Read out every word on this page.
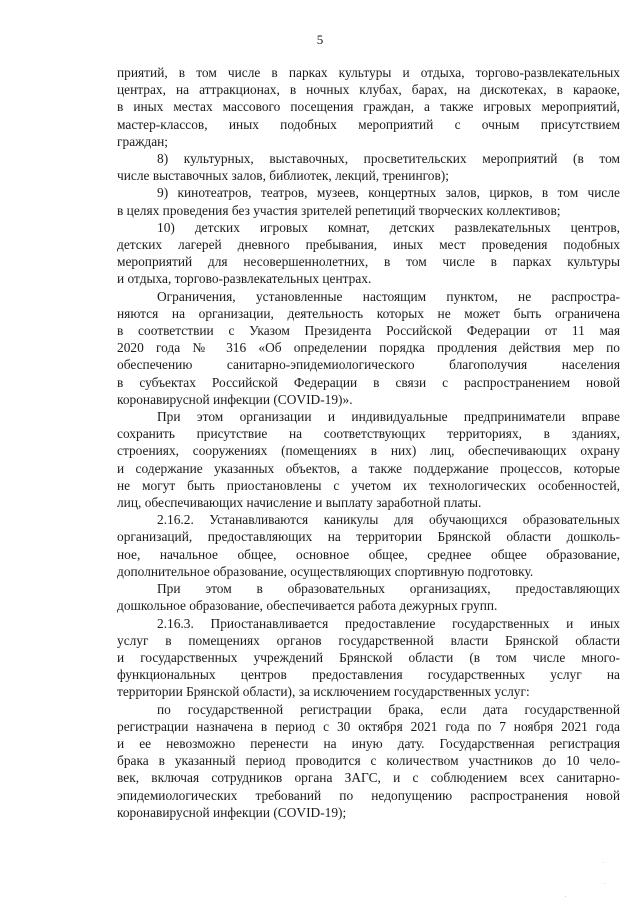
5
приятий, в том числе в парках культуры и отдыха, торгово-развлекательных
центрах, на аттракционах, в ночных клубах, барах, на дискотеках, в караоке,
в иных местах массового посещения граждан, а также игровых мероприятий,
мастер-классов, иных подобных мероприятий с очным присутствием
граждан;
8) культурных, выставочных, просветительских мероприятий (в том
числе выставочных залов, библиотек, лекций, тренингов);
9) кинотеатров, театров, музеев, концертных залов, цирков, в том числе
в целях проведения без участия зрителей репетиций творческих коллективов;
10) детских игровых комнат, детских развлекательных центров,
детских лагерей дневного пребывания, иных мест проведения подобных
мероприятий для несовершеннолетних, в том числе в парках культуры
и отдыха, торгово-развлекательных центрах.
Ограничения, установленные настоящим пунктом, не распростра-
няются на организации, деятельность которых не может быть ограничена
в соответствии с Указом Президента Российской Федерации от 11 мая
2020 года № 316 «Об определении порядка продления действия мер по
обеспечению санитарно-эпидемиологического благополучия населения
в субъектах Российской Федерации в связи с распространением новой
коронавирусной инфекции (COVID-19)».
При этом организации и индивидуальные предприниматели вправе
сохранить присутствие на соответствующих территориях, в зданиях,
строениях, сооружениях (помещениях в них) лиц, обеспечивающих охрану
и содержание указанных объектов, а также поддержание процессов, которые
не могут быть приостановлены с учетом их технологических особенностей,
лиц, обеспечивающих начисление и выплату заработной платы.
2.16.2. Устанавливаются каникулы для обучающихся образовательных
организаций, предоставляющих на территории Брянской области дошколь-
ное, начальное общее, основное общее, среднее общее образование,
дополнительное образование, осуществляющих спортивную подготовку.
При этом в образовательных организациях, предоставляющих
дошкольное образование, обеспечивается работа дежурных групп.
2.16.3. Приостанавливается предоставление государственных и иных
услуг в помещениях органов государственной власти Брянской области
и государственных учреждений Брянской области (в том числе много-
функциональных центров предоставления государственных услуг на
территории Брянской области), за исключением государственных услуг:
по государственной регистрации брака, если дата государственной
регистрации назначена в период с 30 октября 2021 года по 7 ноября 2021 года
и ее невозможно перенести на иную дату. Государственная регистрация
брака в указанный период проводится с количеством участников до 10 чело-
век, включая сотрудников органа ЗАГС, и с соблюдением всех санитарно-
эпидемиологических требований по недопущению распространения новой
коронавирусной инфекции (COVID-19);
